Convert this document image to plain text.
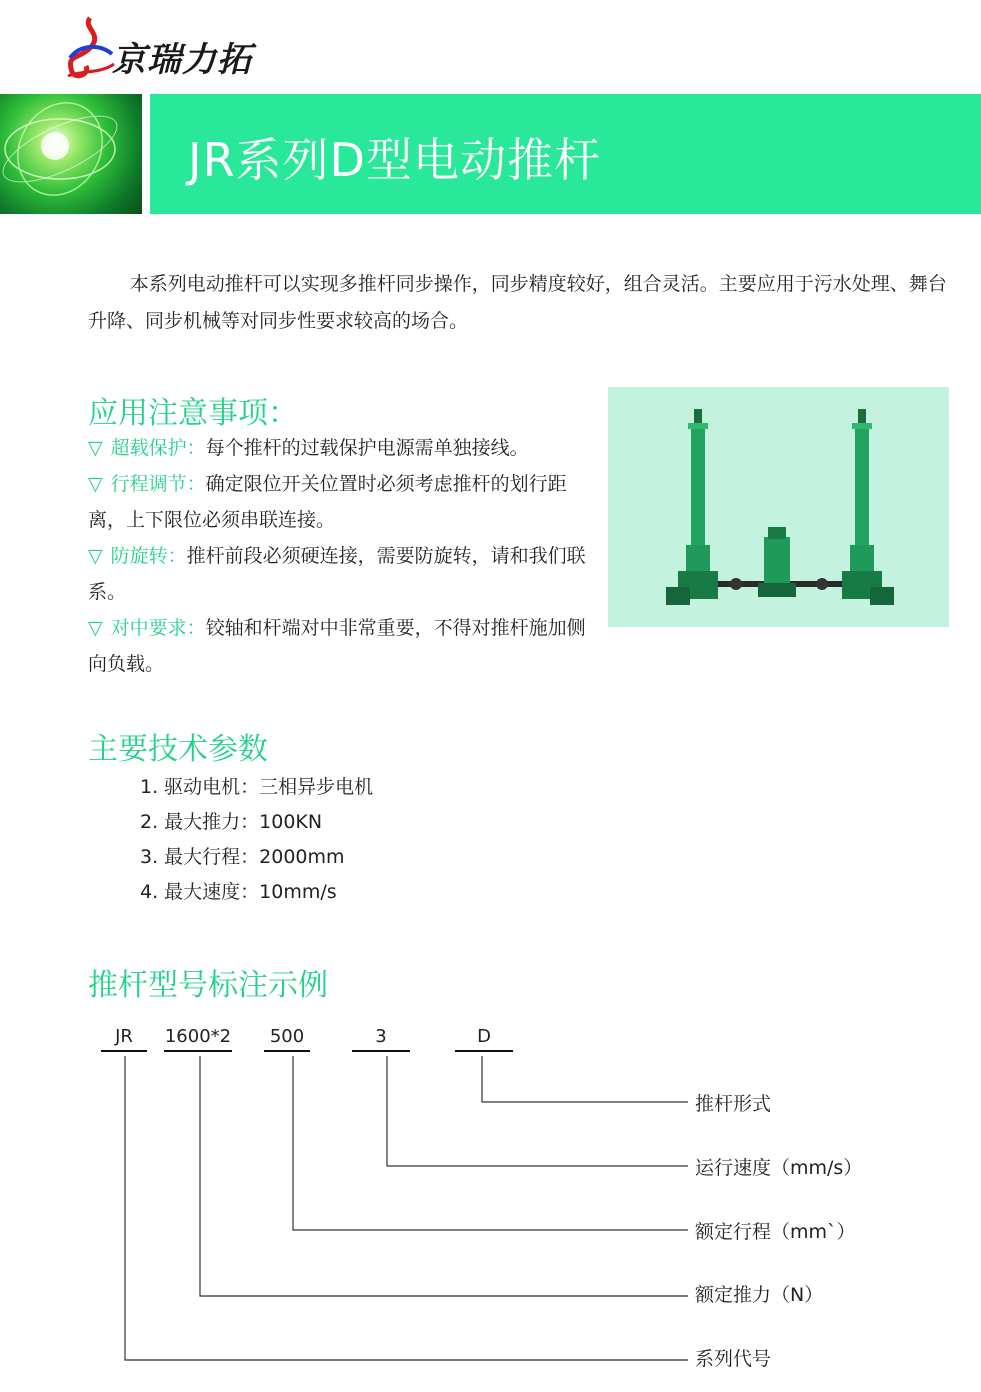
京瑞力拓
JR系列D型电动推杆
本系列电动推杆可以实现多推杆同步操作，同步精度较好，组合灵活。主要应用于污水处理、舞台升降、同步机械等对同步性要求较高的场合。
应用注意事项：

▽ 超载保护：每个推杆的过载保护电源需单独接线。

▽ 行程调节：确定限位开关位置时必须考虑推杆的划行距离，上下限位必须串联连接。

▽ 防旋转：推杆前段必须硬连接，需要防旋转，请和我们联系。

▽ 对中要求：铰轴和杆端对中非常重要，不得对推杆施加侧向负载。

主要技术参数
1. 驱动电机：三相异步电机
2. 最大推力：100KN
3. 最大行程：2000mm
4. 最大速度：10mm/s
推杆型号标注示例
JR	1600*2	500	3	D
推杆形式
运行速度（mm/s）
额定行程（mm`）
额定推力（N）
系列代号
